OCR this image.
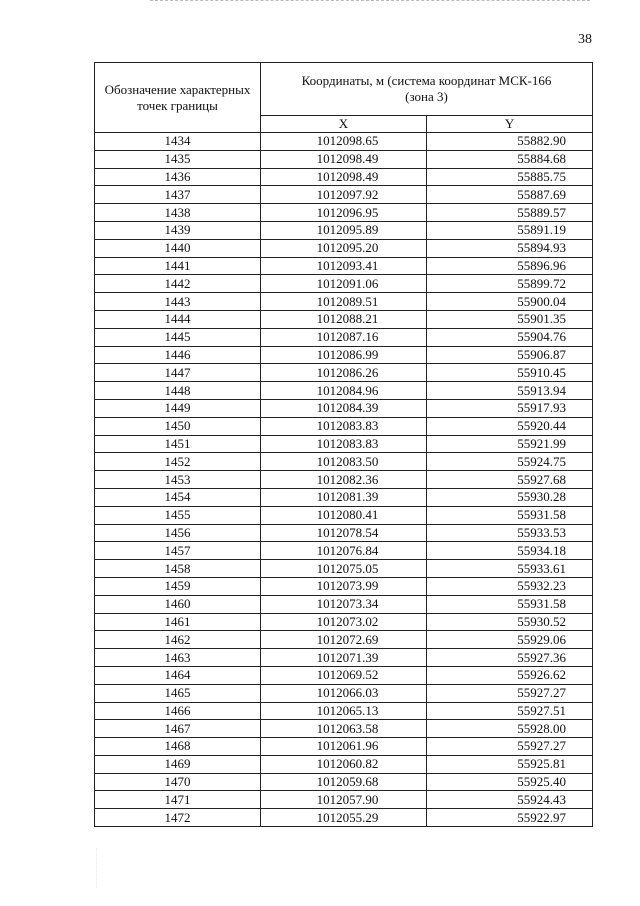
38
Обозначение характерных точек границы	Координаты, м (система координат МСК-166 (зона 3)	
	X	Y
1434	1012098.65	55882.90
1435	1012098.49	55884.68
1436	1012098.49	55885.75
1437	1012097.92	55887.69
1438	1012096.95	55889.57
1439	1012095.89	55891.19
1440	1012095.20	55894.93
1441	1012093.41	55896.96
1442	1012091.06	55899.72
1443	1012089.51	55900.04
1444	1012088.21	55901.35
1445	1012087.16	55904.76
1446	1012086.99	55906.87
1447	1012086.26	55910.45
1448	1012084.96	55913.94
1449	1012084.39	55917.93
1450	1012083.83	55920.44
1451	1012083.83	55921.99
1452	1012083.50	55924.75
1453	1012082.36	55927.68
1454	1012081.39	55930.28
1455	1012080.41	55931.58
1456	1012078.54	55933.53
1457	1012076.84	55934.18
1458	1012075.05	55933.61
1459	1012073.99	55932.23
1460	1012073.34	55931.58
1461	1012073.02	55930.52
1462	1012072.69	55929.06
1463	1012071.39	55927.36
1464	1012069.52	55926.62
1465	1012066.03	55927.27
1466	1012065.13	55927.51
1467	1012063.58	55928.00
1468	1012061.96	55927.27
1469	1012060.82	55925.81
1470	1012059.68	55925.40
1471	1012057.90	55924.43
1472	1012055.29	55922.97
